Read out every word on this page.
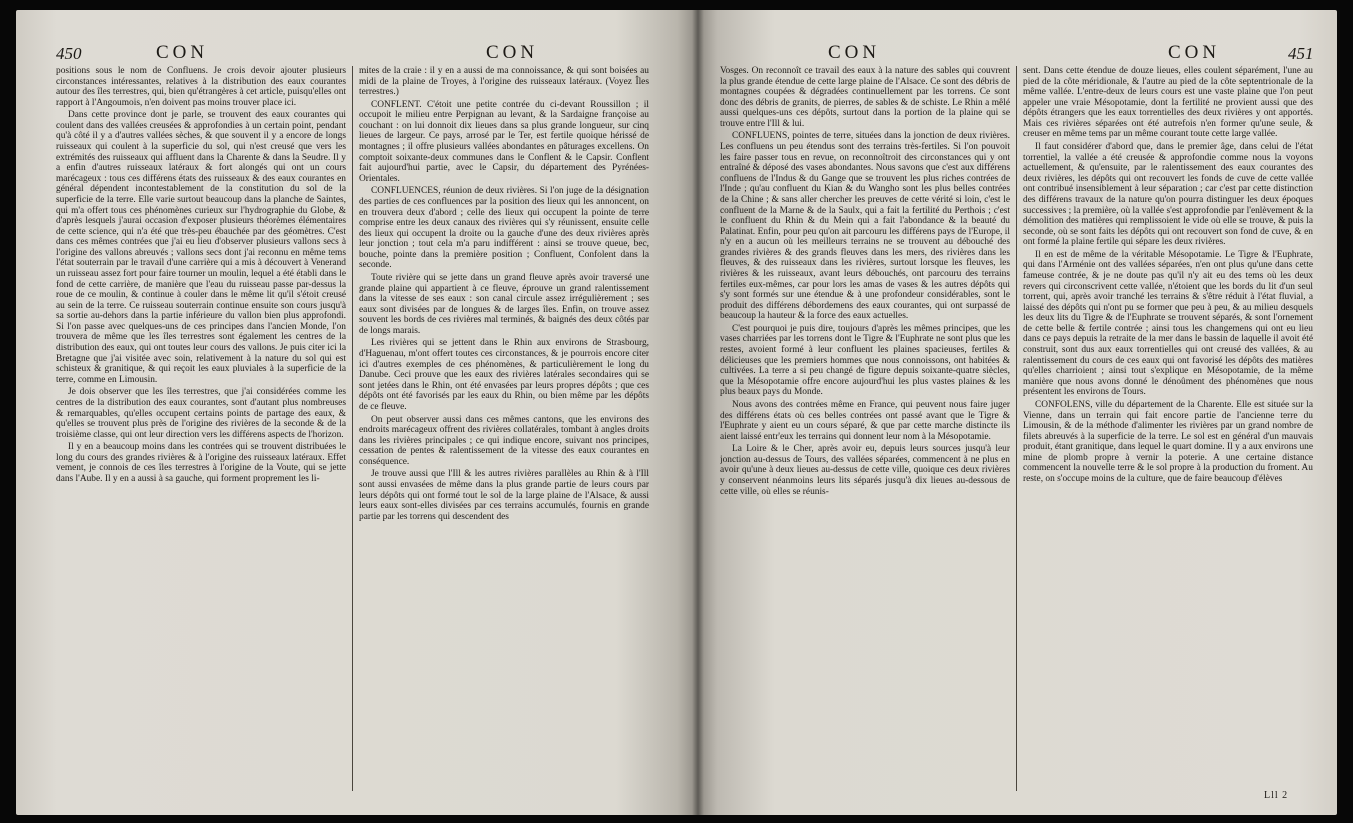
450	CON	CON

positions sous le nom de Confluens. Je crois devoir ajouter plusieurs circonstances intéressantes, relatives à la distribution des eaux courantes autour des îles terrestres, qui, bien qu'étrangères à cet article, puisqu'elles ont rapport à l'Angoumois, n'en doivent pas moins trouver place ici.

Dans cette province dont je parle, se trouvent des eaux courantes qui coulent dans des vallées creusées & approfondies à un certain point, pendant qu'à côté il y a d'autres vallées sèches, & que souvent il y a encore de longs ruisseaux qui coulent à la superficie du sol, qui n'est creusé que vers les extrémités des ruisseaux qui affluent dans la Charente & dans la Seudre. Il y a enfin d'autres ruisseaux latéraux & fort alongés qui ont un cours marécageux : tous ces différens états des ruisseaux & des eaux courantes en général dépendent incontestablement de la constitution du sol de la superficie de la terre. Elle varie surtout beaucoup dans la planche de Saintes, qui m'a offert tous ces phénomènes curieux sur l'hydrographie du Globe, & d'après lesquels j'aurai occasion d'exposer plusieurs théorèmes élémentaires de cette science, qui n'a été que très-peu ébauchée par des géomètres. C'est dans ces mêmes contrées que j'ai eu lieu d'observer plusieurs vallons secs à l'origine des vallons abreuvés ; vallons secs dont j'ai reconnu en même tems l'état souterrain par le travail d'une carrière qui a mis à découvert à Venerand un ruisseau assez fort pour faire tourner un moulin, lequel a été établi dans le fond de cette carrière, de manière que l'eau du ruisseau passe par-dessus la roue de ce moulin, & continue à couler dans le même lit qu'il s'étoit creusé au sein de la terre. Ce ruisseau souterrain continue ensuite son cours jusqu'à sa sortie au-dehors dans la partie inférieure du vallon bien plus approfondi. Si l'on passe avec quelques-uns de ces principes dans l'ancien Monde, l'on trouvera de même que les îles terrestres sont également les centres de la distribution des eaux, qui ont toutes leur cours des vallons. Je puis citer ici la Bretagne que j'ai visitée avec soin, relativement à la nature du sol qui est schisteux & granitique, & qui reçoit les eaux pluviales à la superficie de la terre, comme en Limousin.

Je dois observer que les îles terrestres, que j'ai considérées comme les centres de la distribution des eaux courantes, sont d'autant plus nombreuses & remarquables, qu'elles occupent certains points de partage des eaux, & qu'elles se trouvent plus près de l'origine des rivières de la seconde & de la troisième classe, qui ont leur direction vers les différens aspects de l'horizon.

Il y en a beaucoup moins dans les contrées qui se trouvent distribuées le long du cours des grandes rivières & à l'origine des ruisseaux latéraux. Effet vement, je connois de ces îles terrestres à l'origine de la Voute, qui se jette dans l'Aube. Il y en a aussi à sa gauche, qui forment proprement les li-

mites de la craie : il y en a aussi de ma connoissance, & qui sont boisées au midi de la plaine de Troyes, à l'origine des ruisseaux latéraux. (Voyez Îles terrestres.)

CONFLENT. C'étoit une petite contrée du ci-devant Roussillon ; il occupoit le milieu entre Perpignan au levant, & la Sardaigne françoise au couchant : on lui donnoit dix lieues dans sa plus grande longueur, sur cinq lieues de largeur. Ce pays, arrosé par le Ter, est fertile quoique hérissé de montagnes ; il offre plusieurs vallées abondantes en pâturages excellens. On comptoit soixante-deux communes dans le Conflent & le Capsir. Conflent fait aujourd'hui partie, avec le Capsir, du département des Pyrénées-Orientales.

CONFLUENCES, réunion de deux rivières. Si l'on juge de la désignation des parties de ces confluences par la position des lieux qui les annoncent, on en trouvera deux d'abord ; celle des lieux qui occupent la pointe de terre comprise entre les deux canaux des rivières qui s'y réunissent, ensuite celle des lieux qui occupent la droite ou la gauche d'une des deux rivières après leur jonction ; tout cela m'a paru indifférent : ainsi se trouve queue, bec, bouche, pointe dans la première position ; Confluent, Confolent dans la seconde.

Toute rivière qui se jette dans un grand fleuve après avoir traversé une grande plaine qui appartient à ce fleuve, éprouve un grand ralentissement dans la vitesse de ses eaux : son canal circule assez irrégulièrement ; ses eaux sont divisées par de longues & de larges îles. Enfin, on trouve assez souvent les bords de ces rivières mal terminés, & baignés des deux côtés par de longs marais.

Les rivières qui se jettent dans le Rhin aux environs de Strasbourg, d'Haguenau, m'ont offert toutes ces circonstances, & je pourrois encore citer ici d'autres exemples de ces phénomènes, & particulièrement le long du Danube. Ceci prouve que les eaux des rivières latérales secondaires qui se sont jetées dans le Rhin, ont été envasées par leurs propres dépôts ; que ces dépôts ont été favorisés par les eaux du Rhin, ou bien même par les dépôts de ce fleuve.

On peut observer aussi dans ces mêmes cantons, que les environs des endroits marécageux offrent des rivières collatérales, tombant à angles droits dans les rivières principales ; ce qui indique encore, suivant nos principes, cessation de pentes & ralentissement de la vitesse des eaux courantes en conséquence.

Je trouve aussi que l'Ill & les autres rivières parallèles au Rhin & à l'Ill sont aussi envasées de même dans la plus grande partie de leurs cours par leurs dépôts qui ont formé tout le sol de la large plaine de l'Alsace, & aussi leurs eaux sont-elles divisées par ces terrains accumulés, fournis en grande partie par les torrens qui descendent des

CON	CON	451

Vosges. On reconnoît ce travail des eaux à la nature des sables qui couvrent la plus grande étendue de cette large plaine de l'Alsace. Ce sont des débris de montagnes coupées & dégradées continuellement par les torrens. Ce sont donc des débris de granits, de pierres, de sables & de schiste. Le Rhin a mêlé aussi quelques-uns ces dépôts, surtout dans la portion de la plaine qui se trouve entre l'Ill & lui.

CONFLUENS, pointes de terre, situées dans la jonction de deux rivières. Les confluens un peu étendus sont des terrains très-fertiles. Si l'on pouvoit les faire passer tous en revue, on reconnoîtroit des circonstances qui y ont entraîné & déposé des vases abondantes. Nous savons que c'est aux différens confluens de l'Indus & du Gange que se trouvent les plus riches contrées de l'Inde ; qu'au confluent du Kian & du Wangho sont les plus belles contrées de la Chine ; & sans aller chercher les preuves de cette vérité si loin, c'est le confluent de la Marne & de la Saulx, qui a fait la fertilité du Perthois ; c'est le confluent du Rhin & du Mein qui a fait l'abondance & la beauté du Palatinat. Enfin, pour peu qu'on ait parcouru les différens pays de l'Europe, il n'y en a aucun où les meilleurs terrains ne se trouvent au débouché des grandes rivières & des grands fleuves dans les mers, des rivières dans les fleuves, & des ruisseaux dans les rivières, surtout lorsque les fleuves, les rivières & les ruisseaux, avant leurs débouchés, ont parcouru des terrains fertiles eux-mêmes, car pour lors les amas de vases & les autres dépôts qui s'y sont formés sur une étendue & à une profondeur considérables, sont le produit des différens débordemens des eaux courantes, qui ont surpassé de beaucoup la hauteur & la force des eaux actuelles.

C'est pourquoi je puis dire, toujours d'après les mêmes principes, que les vases charriées par les torrens dont le Tigre & l'Euphrate ne sont plus que les restes, avoient formé à leur confluent les plaines spacieuses, fertiles & délicieuses que les premiers hommes que nous connoissons, ont habitées & cultivées. La terre a si peu changé de figure depuis soixante-quatre siècles, que la Mésopotamie offre encore aujourd'hui les plus vastes plaines & les plus beaux pays du Monde.

Nous avons des contrées même en France, qui peuvent nous faire juger des différens états où ces belles contrées ont passé avant que le Tigre & l'Euphrate y aient eu un cours séparé, & que par cette marche distincte ils aient laissé entr'eux les terrains qui donnent leur nom à la Mésopotamie.

La Loire & le Cher, après avoir eu, depuis leurs sources jusqu'à leur jonction au-dessus de Tours, des vallées séparées, commencent à ne plus en avoir qu'une à deux lieues au-dessus de cette ville, quoique ces deux rivières y conservent néanmoins leurs lits séparés jusqu'à dix lieues au-dessous de cette ville, où elles se réunis-

sent. Dans cette étendue de douze lieues, elles coulent séparément, l'une au pied de la côte méridionale, & l'autre au pied de la côte septentrionale de la même vallée. L'entre-deux de leurs cours est une vaste plaine que l'on peut appeler une vraie Mésopotamie, dont la fertilité ne provient aussi que des dépôts étrangers que les eaux torrentielles des deux rivières y ont apportés. Mais ces rivières séparées ont été autrefois n'en former qu'une seule, & creuser en même tems par un même courant toute cette large vallée.

Il faut considérer d'abord que, dans le premier âge, dans celui de l'état torrentiel, la vallée a été creusée & approfondie comme nous la voyons actuellement, & qu'ensuite, par le ralentissement des eaux courantes des deux rivières, les dépôts qui ont recouvert les fonds de cuve de cette vallée ont contribué insensiblement à leur séparation ; car c'est par cette distinction des différens travaux de la nature qu'on pourra distinguer les deux époques successives ; la première, où la vallée s'est approfondie par l'enlèvement & la démolition des matières qui remplissoient le vide où elle se trouve, & puis la seconde, où se sont faits les dépôts qui ont recouvert son fond de cuve, & en ont formé la plaine fertile qui sépare les deux rivières.

Il en est de même de la véritable Mésopotamie. Le Tigre & l'Euphrate, qui dans l'Arménie ont des vallées séparées, n'en ont plus qu'une dans cette fameuse contrée, & je ne doute pas qu'il n'y ait eu des tems où les deux revers qui circonscrivent cette vallée, n'étoient que les bords du lit d'un seul torrent, qui, après avoir tranché les terrains & s'être réduit à l'état fluvial, a laissé des dépôts qui n'ont pu se former que peu à peu, & au milieu desquels les deux lits du Tigre & de l'Euphrate se trouvent séparés, & sont l'ornement de cette belle & fertile contrée ; ainsi tous les changemens qui ont eu lieu dans ce pays depuis la retraite de la mer dans le bassin de laquelle il avoit été construit, sont dus aux eaux torrentielles qui ont creusé des vallées, & au ralentissement du cours de ces eaux qui ont favorisé les dépôts des matières qu'elles charrioient ; ainsi tout s'explique en Mésopotamie, de la même manière que nous avons donné le dénoûment des phénomènes que nous présentent les environs de Tours.

CONFOLENS, ville du département de la Charente. Elle est située sur la Vienne, dans un terrain qui fait encore partie de l'ancienne terre du Limousin, & de la méthode d'alimenter les rivières par un grand nombre de filets abreuvés à la superficie de la terre. Le sol est en général d'un mauvais produit, étant granitique, dans lequel le quart domine. Il y a aux environs une mine de plomb propre à vernir la poterie. A une certaine distance commencent la nouvelle terre & le sol propre à la production du froment. Au reste, on s'occupe moins de la culture, que de faire beaucoup d'élèves

Lll 2
